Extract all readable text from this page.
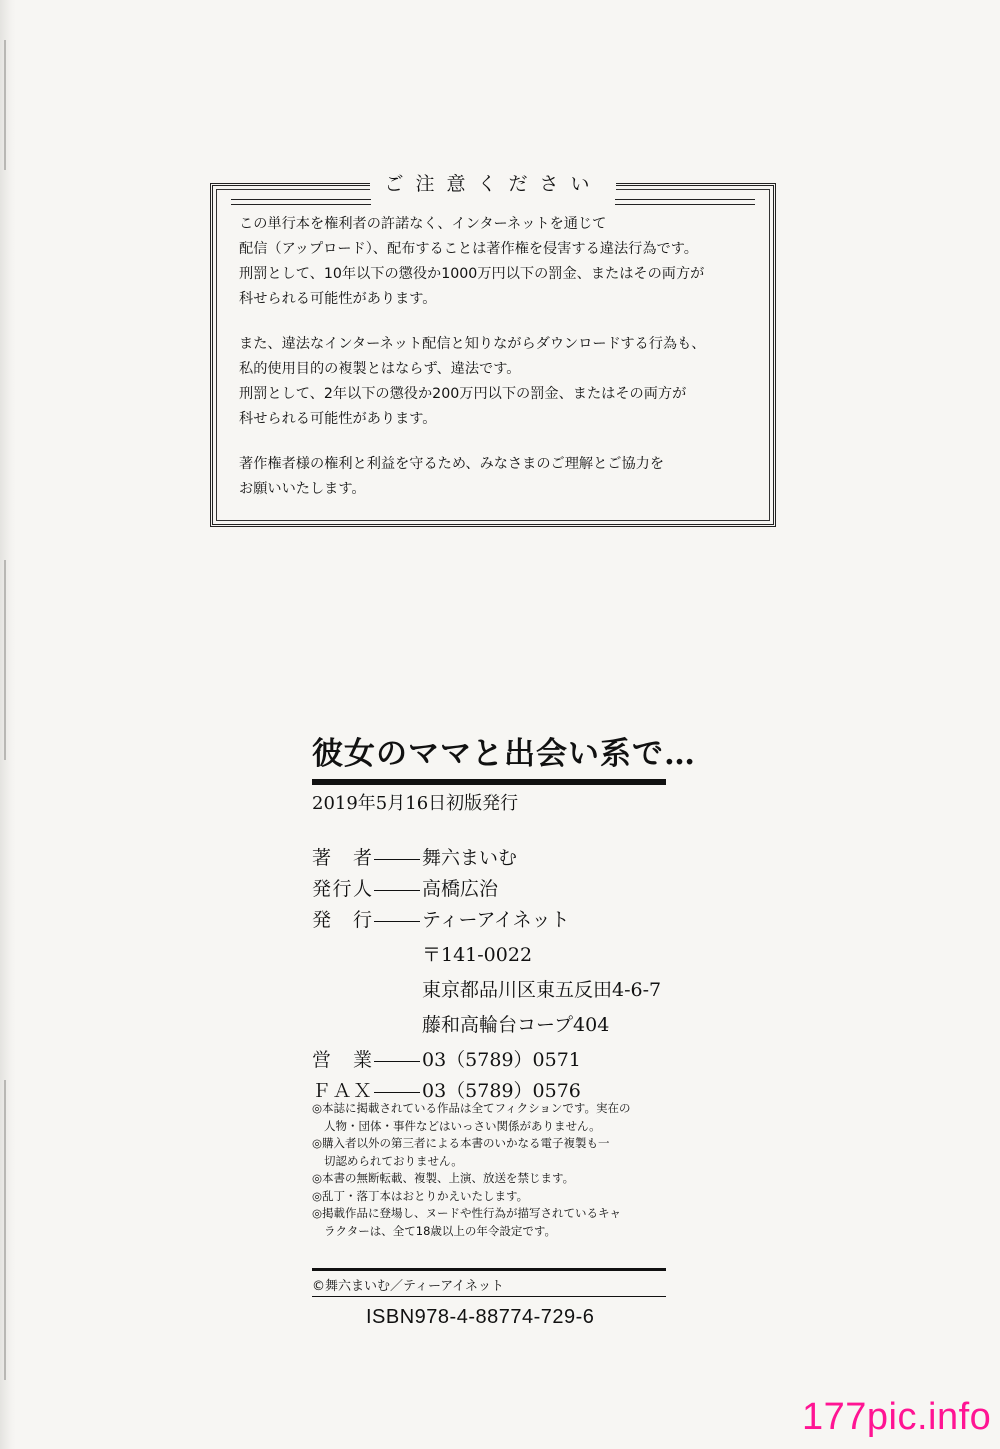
ご注意ください

この単行本を権利者の許諾なく、インターネットを通じて
配信（アップロード）、配布することは著作権を侵害する違法行為です。
刑罰として、10年以下の懲役か1000万円以下の罰金、またはその両方が
科せられる可能性があります。

また、違法なインターネット配信と知りながらダウンロードする行為も、
私的使用目的の複製とはならず、違法です。
刑罰として、2年以下の懲役か200万円以下の罰金、またはその両方が
科せられる可能性があります。

著作権者様の権利と利益を守るため、みなさまのご理解とご協力を
お願いいたします。

彼女のママと出会い系で…
2019年5月16日初版発行
著　者	舞六まいむ
発行人	高橋広治
発　行	ティーアイネット
〒141-0022
東京都品川区東五反田4-6-7
藤和高輪台コープ404
営　業	03（5789）0571
ＦＡＸ	03（5789）0576
◎本誌に掲載されている作品は全てフィクションです。実在の
人物・団体・事件などはいっさい関係がありません。
◎購入者以外の第三者による本書のいかなる電子複製も一
切認められておりません。
◎本書の無断転載、複製、上演、放送を禁じます。
◎乱丁・落丁本はおとりかえいたします。
◎掲載作品に登場し、ヌードや性行為が描写されているキャ
ラクターは、全て18歳以上の年令設定です。
©舞六まいむ／ティーアイネット
ISBN978-4-88774-729-6
177pic.info
